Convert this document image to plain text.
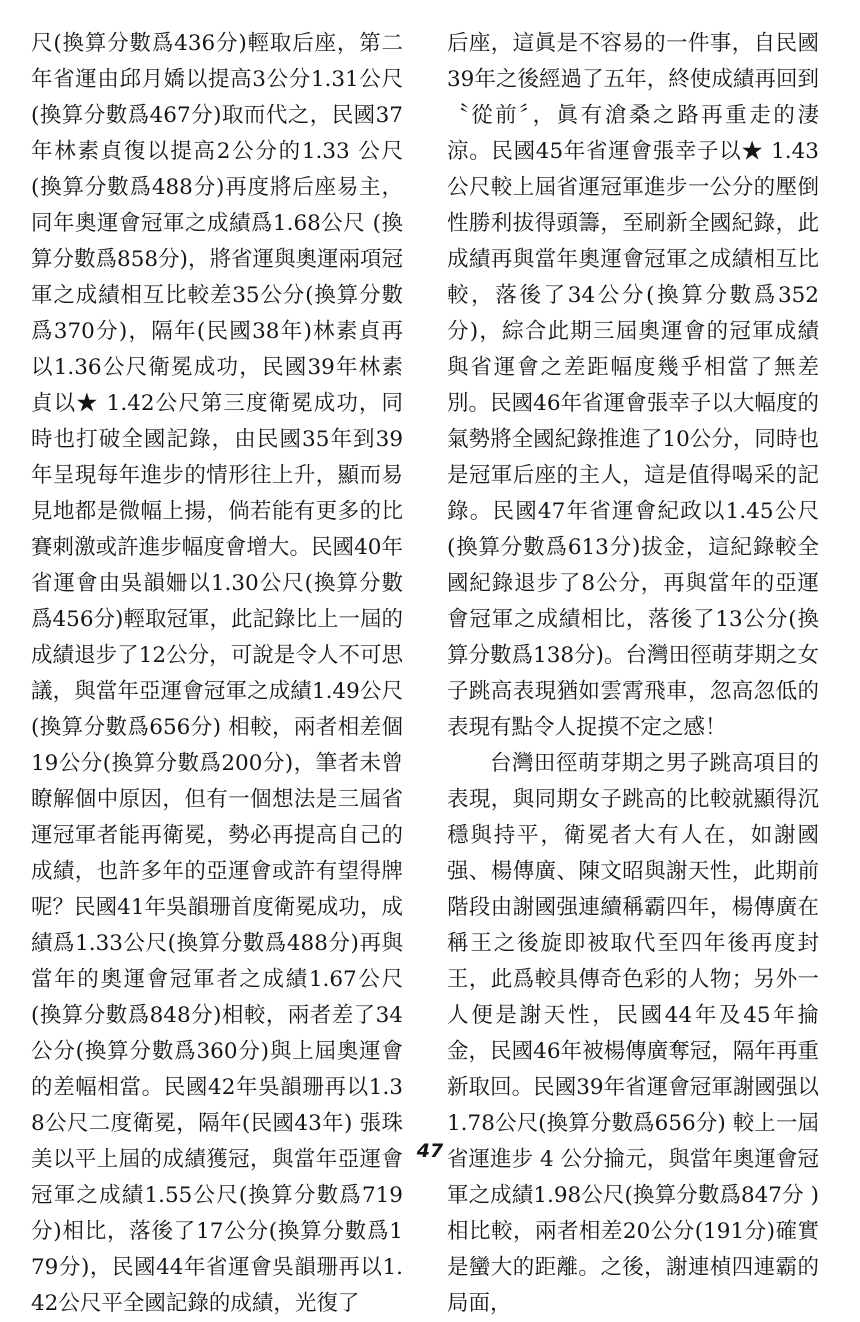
尺(換算分數爲436分)輕取后座，第二年省運由邱月嬌以提高3公分1.31公尺(換算分數爲467分)取而代之，民國37年林素貞復以提高2公分的1.33 公尺(換算分數爲488分)再度將后座易主，同年奧運會冠軍之成績爲1.68公尺 (換算分數爲858分)，將省運與奧運兩項冠軍之成績相互比較差35公分(換算分數爲370分)，隔年(民國38年)林素貞再以1.36公尺衛冕成功，民國39年林素貞以★ 1.42公尺第三度衛冕成功，同時也打破全國記錄，由民國35年到39年呈現每年進步的情形往上升，顯而易見地都是微幅上揚，倘若能有更多的比賽刺激或許進步幅度會增大。民國40年省運會由吳韻姍以1.30公尺(換算分數爲456分)輕取冠軍，此記錄比上一屆的成績退步了12公分，可說是令人不可思議，與當年亞運會冠軍之成績1.49公尺(換算分數爲656分) 相較，兩者相差個19公分(換算分數爲200分)，筆者未曾瞭解個中原因，但有一個想法是三屆省運冠軍者能再衛冕，勢必再提高自己的成績，也許多年的亞運會或許有望得牌呢？民國41年吳韻珊首度衛冕成功，成績爲1.33公尺(換算分數爲488分)再與當年的奧運會冠軍者之成績1.67公尺(換算分數爲848分)相較，兩者差了34公分(換算分數爲360分)與上屆奧運會的差幅相當。民國42年吳韻珊再以1.38公尺二度衛冕，隔年(民國43年) 張珠美以平上屆的成績獲冠，與當年亞運會冠軍之成績1.55公尺(換算分數爲719分)相比，落後了17公分(換算分數爲179分)，民國44年省運會吳韻珊再以1.42公尺平全國記錄的成績，光復了

后座，這眞是不容易的一件事，自民國39年之後經過了五年，終使成績再回到〝從前〞，眞有滄桑之路再重走的淒涼。民國45年省運會張幸子以★ 1.43公尺較上屆省運冠軍進步一公分的壓倒性勝利拔得頭籌，至刷新全國紀錄，此成績再與當年奧運會冠軍之成績相互比較，落後了34公分(換算分數爲352分)，綜合此期三屆奧運會的冠軍成績與省運會之差距幅度幾乎相當了無差別。民國46年省運會張幸子以大幅度的氣勢將全國紀錄推進了10公分，同時也是冠軍后座的主人，這是值得喝采的記錄。民國47年省運會紀政以1.45公尺(換算分數爲613分)拔金，這紀錄較全國紀錄退步了8公分，再與當年的亞運會冠軍之成績相比，落後了13公分(換算分數爲138分)。台灣田徑萌芽期之女子跳高表現猶如雲霄飛車，忽高忽低的表現有點令人捉摸不定之感！

台灣田徑萌芽期之男子跳高項目的表現，與同期女子跳高的比較就顯得沉穩與持平，衛冕者大有人在，如謝國强、楊傳廣、陳文昭與謝天性，此期前階段由謝國强連續稱霸四年，楊傳廣在稱王之後旋即被取代至四年後再度封王，此爲較具傳奇色彩的人物；另外一人便是謝天性，民國44年及45年掄金，民國46年被楊傳廣奪冠，隔年再重新取回。民國39年省運會冠軍謝國强以1.78公尺(換算分數爲656分) 較上一屆省運進步 4 公分掄元，與當年奧運會冠軍之成績1.98公尺(換算分數爲847分 ) 相比較，兩者相差20公分(191分)確實是蠻大的距離。之後，謝連楨四連霸的局面，

47
